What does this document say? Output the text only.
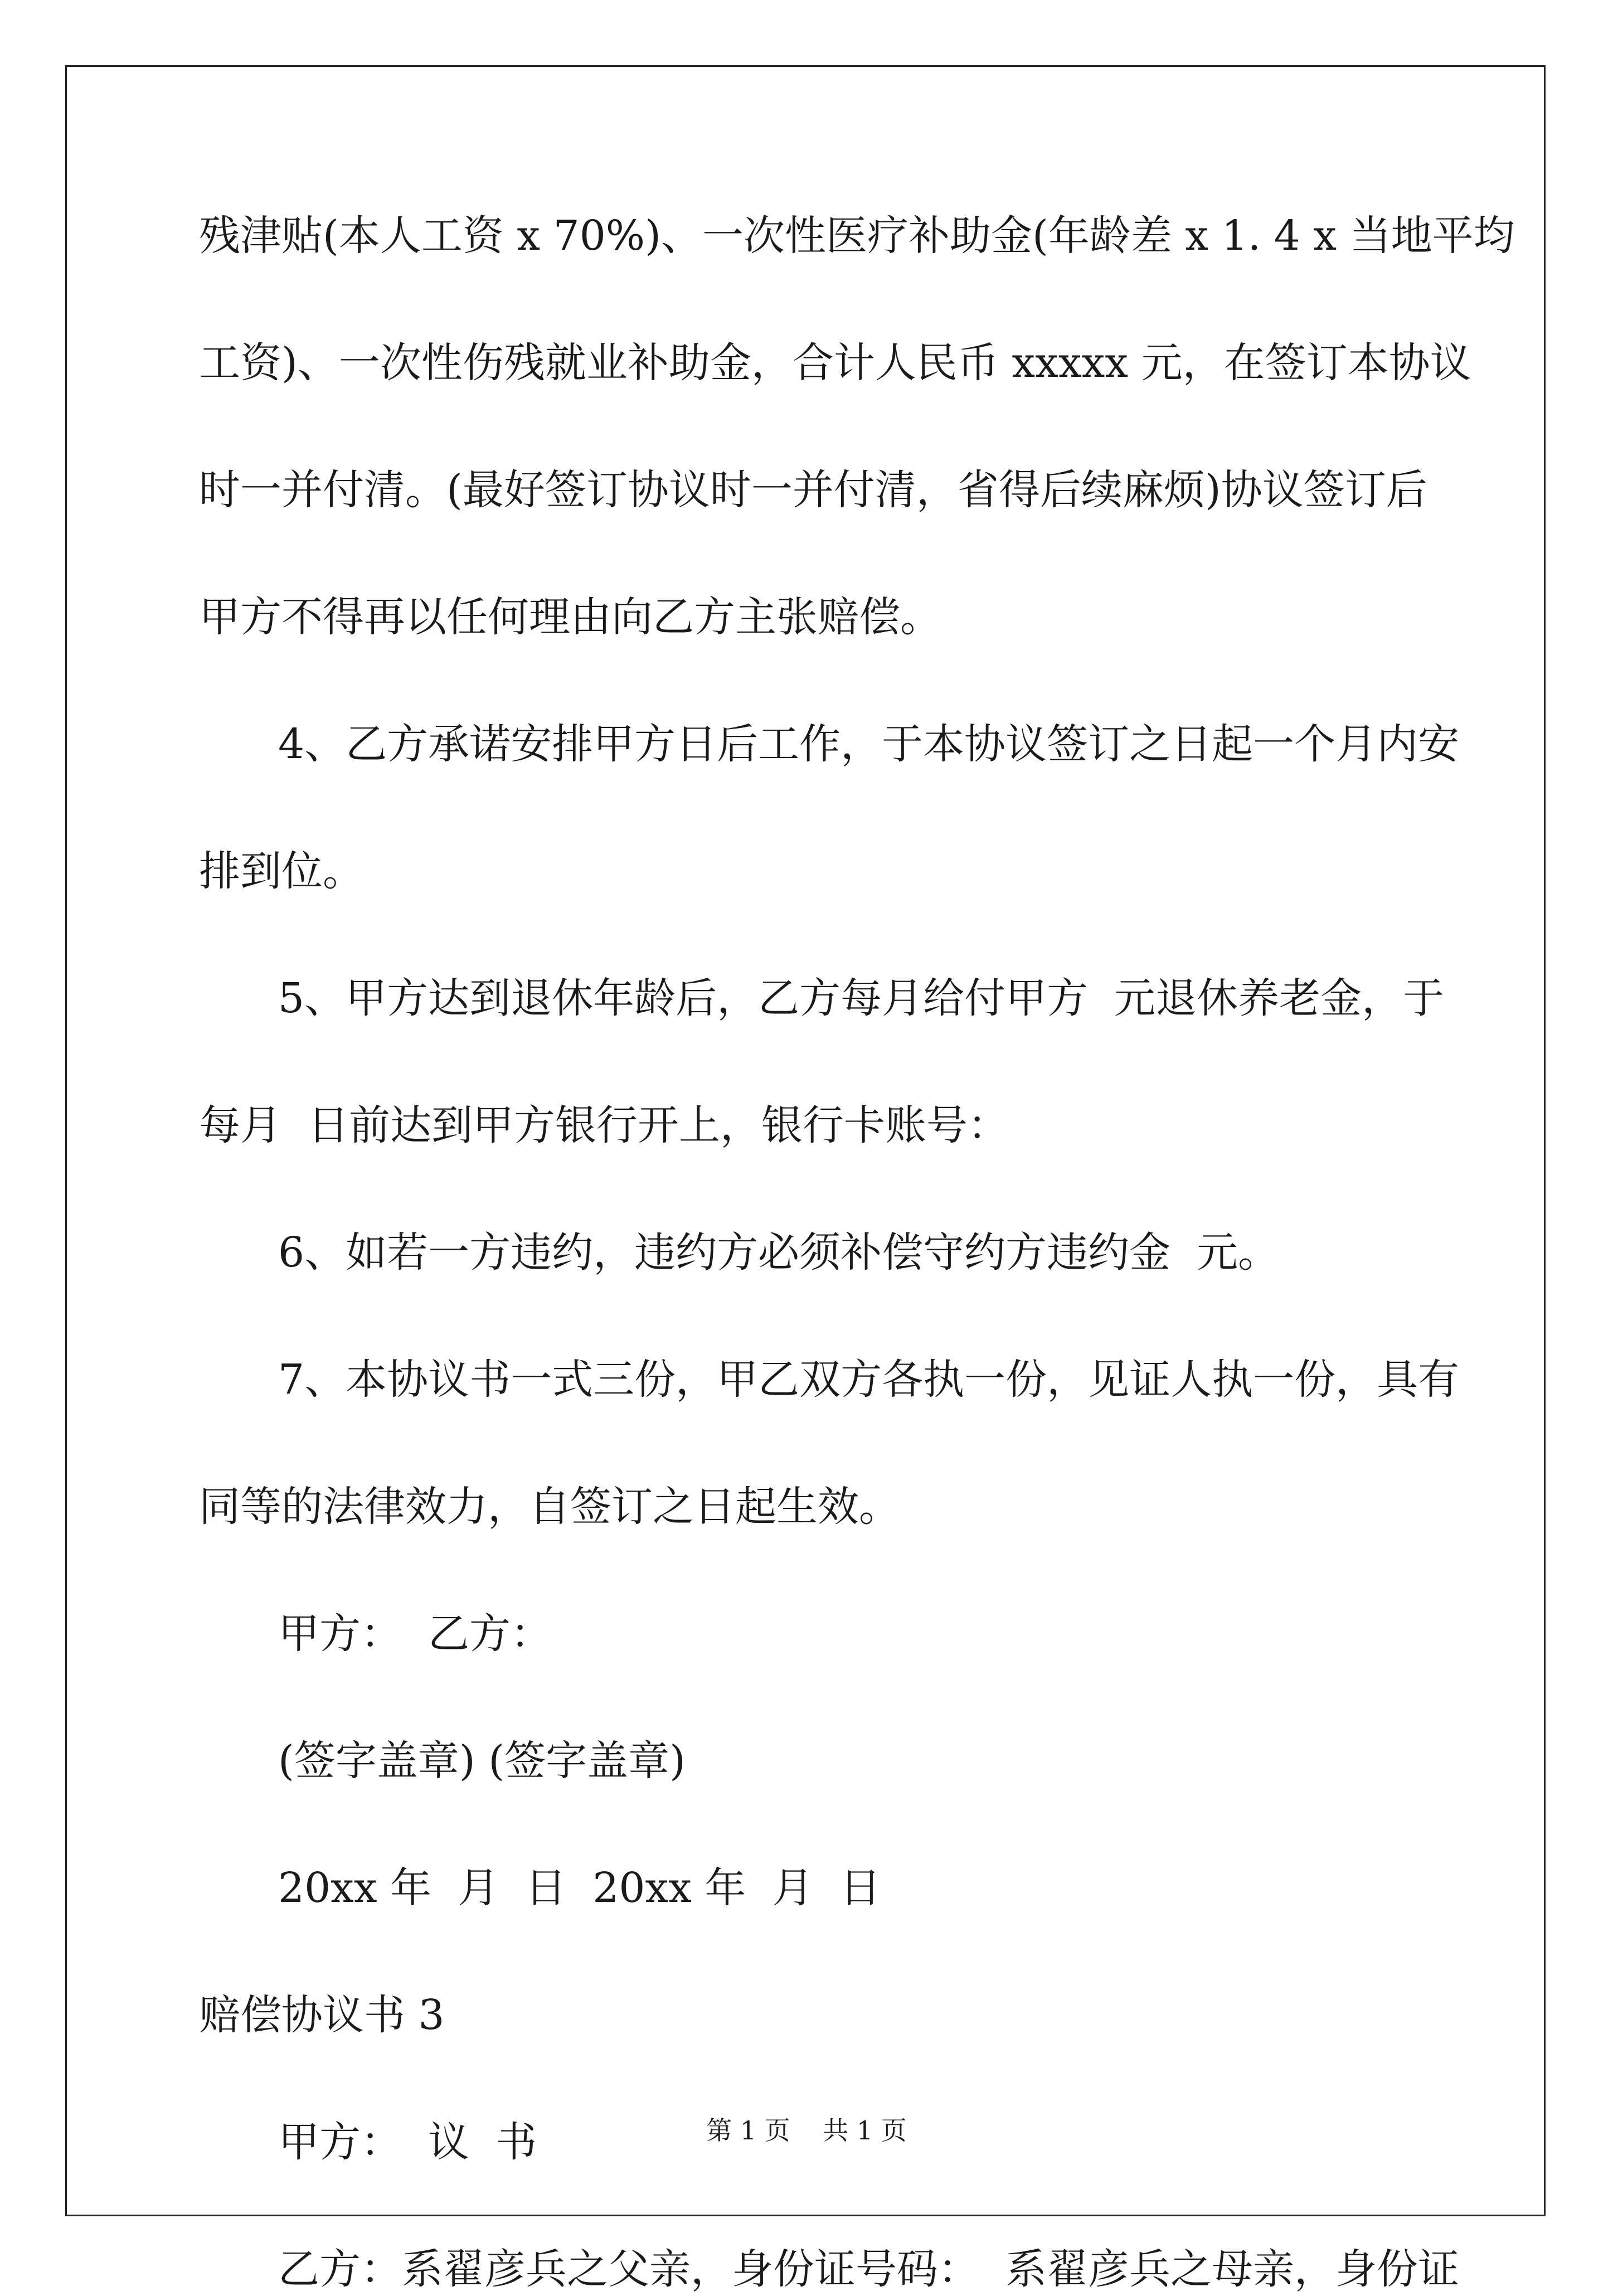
残津贴(本人工资 x 70%)、一次性医疗补助金(年龄差 x 1. 4 x 当地平均
工资)、一次性伤残就业补助金，合计人民币 xxxxx 元，在签订本协议
时一并付清。(最好签订协议时一并付清，省得后续麻烦)协议签订后
甲方不得再以任何理由向乙方主张赔偿。
4、乙方承诺安排甲方日后工作，于本协议签订之日起一个月内安
排到位。
5、甲方达到退休年龄后，乙方每月给付甲方  元退休养老金，于
每月  日前达到甲方银行开上，银行卡账号：
6、如若一方违约，违约方必须补偿守约方违约金  元。
7、本协议书一式三份，甲乙双方各执一份，见证人执一份，具有
同等的法律效力，自签订之日起生效。
甲方：  乙方：
(签字盖章) (签字盖章)
20xx 年  月  日  20xx 年  月  日
赔偿协议书 3
甲方：  议  书
乙方：系翟彦兵之父亲，身份证号码：  系翟彦兵之母亲，身份证
第 1 页    共 1 页
